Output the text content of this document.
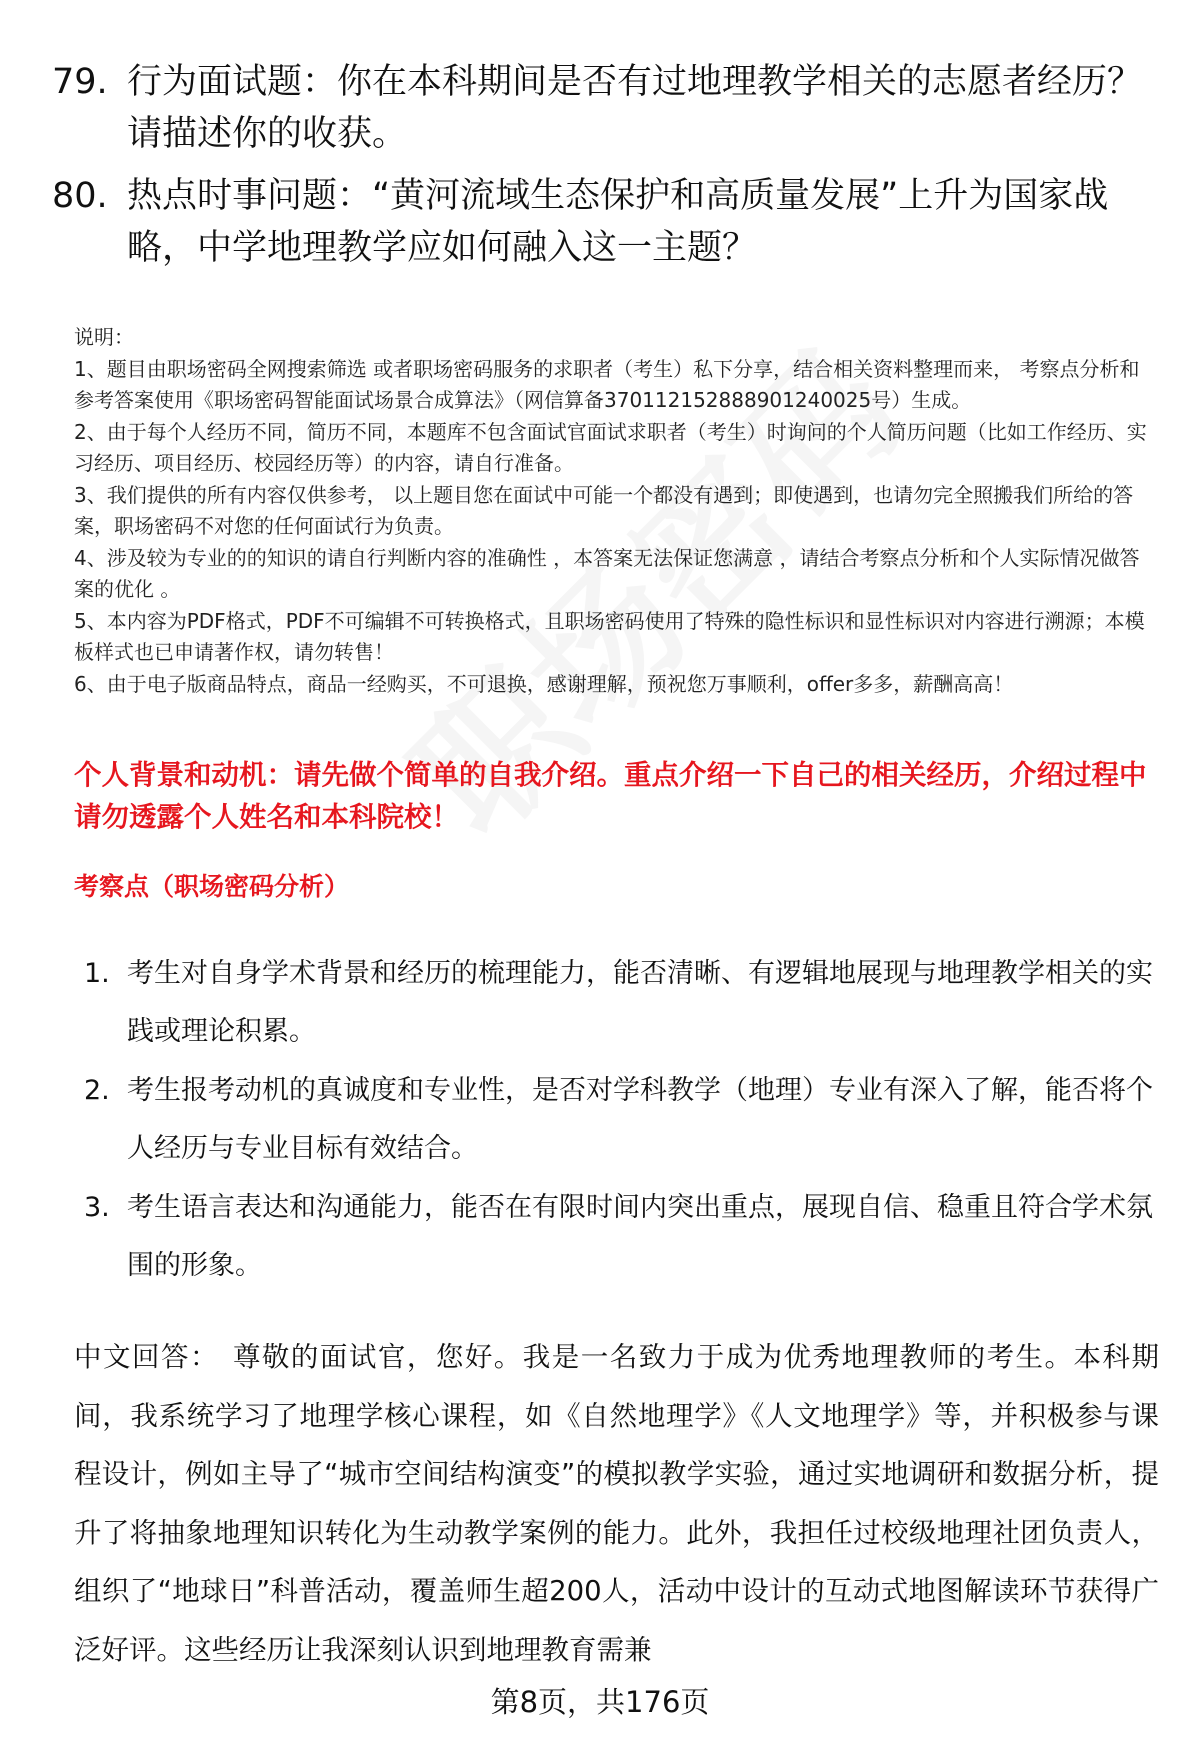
79. 行为面试题：你在本科期间是否有过地理教学相关的志愿者经历？请描述你的收获。
80. 热点时事问题：“黄河流域生态保护和高质量发展”上升为国家战略，中学地理教学应如何融入这一主题？

说明：

1、题目由职场密码全网搜索筛选 或者职场密码服务的求职者（考生）私下分享，结合相关资料整理而来， 考察点分析和参考答案使用《职场密码智能面试场景合成算法》（网信算备370112152888901240025号）生成。

2、由于每个人经历不同，简历不同，本题库不包含面试官面试求职者（考生）时询问的个人简历问题（比如工作经历、实习经历、项目经历、校园经历等）的内容，请自行准备。

3、我们提供的所有内容仅供参考， 以上题目您在面试中可能一个都没有遇到；即使遇到，也请勿完全照搬我们所给的答案，职场密码不对您的任何面试行为负责。

4、涉及较为专业的的知识的请自行判断内容的准确性 ，本答案无法保证您满意 ，请结合考察点分析和个人实际情况做答案的优化 。

5、本内容为PDF格式，PDF不可编辑不可转换格式，且职场密码使用了特殊的隐性标识和显性标识对内容进行溯源；本模板样式也已申请著作权，请勿转售！

6、由于电子版商品特点，商品一经购买，不可退换，感谢理解，预祝您万事顺利，offer多多，薪酬高高！

个人背景和动机：请先做个简单的自我介绍。重点介绍一下自己的相关经历，介绍过程中请勿透露个人姓名和本科院校！
考察点（职场密码分析）
1. 考生对自身学术背景和经历的梳理能力，能否清晰、有逻辑地展现与地理教学相关的实践或理论积累。
2. 考生报考动机的真诚度和专业性，是否对学科教学（地理）专业有深入了解，能否将个人经历与专业目标有效结合。
3. 考生语言表达和沟通能力，能否在有限时间内突出重点，展现自信、稳重且符合学术氛围的形象。
中文回答： 尊敬的面试官，您好。我是一名致力于成为优秀地理教师的考生。本科期间，我系统学习了地理学核心课程，如《自然地理学》《人文地理学》等，并积极参与课程设计，例如主导了“城市空间结构演变”的模拟教学实验，通过实地调研和数据分析，提升了将抽象地理知识转化为生动教学案例的能力。此外，我担任过校级地理社团负责人，组织了“地球日”科普活动，覆盖师生超200人，活动中设计的互动式地图解读环节获得广泛好评。这些经历让我深刻认识到地理教育需兼
第8页，共176页
